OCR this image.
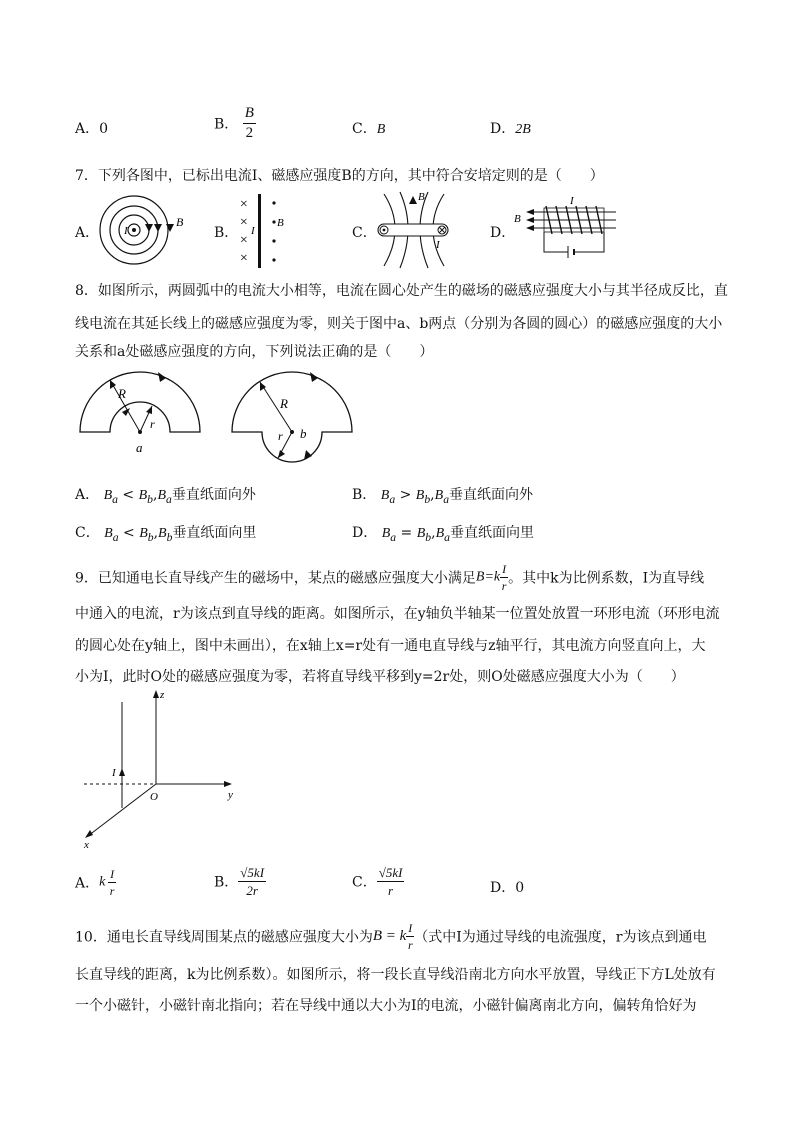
A．0	B． $\frac{B}{2}$	C．B	D．2B
7．下列各图中，已标出电流I、磁感应强度B的方向，其中符合安培定则的是（　　）
A． I
B
B．
×
×
×
×
I
B
C．
B
I
D．
B
I
8．如图所示，两圆弧中的电流大小相等，电流在圆心处产生的磁场的磁感应强度大小与其半径成反比，直
线电流在其延长线上的磁感应强度为零，则关于图中a、b两点（分别为各圆的圆心）的磁感应强度的大小
关系和a处磁感应强度的方向，下列说法正确的是（　　）
R
r
a
R
r b
A． $B_a < B_b,B_a$垂直纸面向外	B． $B_a > B_b,B_a$垂直纸面向外
C． $B_a < B_b,B_b$垂直纸面向里	D． $B_a = B_b,B_a$垂直纸面向里
9．已知通电长直导线产生的磁场中，某点的磁感应强度大小满足$B=k \frac{I}{r}$ 。其中k为比例系数，I为直导线
中通入的电流，r为该点到直导线的距离。如图所示，在y轴负半轴某一位置处放置一环形电流（环形电流
的圆心处在y轴上，图中未画出），在x轴上x=r处有一通电直导线与z轴平行，其电流方向竖直向上，大
小为I，此时O处的磁感应强度为零，若将直导线平移到y=2r处，则O处磁感应强度大小为（　　）
z
y
x
O
I
A．k  $\frac{I}{r}$	B． $\frac{√5kI}{2r}$	C． $\frac{√5kI}{r}$	D．0
10．通电长直导线周围某点的磁感应强度大小为B = k $\frac{I}{r}$ （式中I为通过导线的电流强度，r为该点到通电
长直导线的距离，k为比例系数）。如图所示，将一段长直导线沿南北方向水平放置，导线正下方L处放有
一个小磁针，小磁针南北指向；若在导线中通以大小为I的电流，小磁针偏离南北方向，偏转角恰好为
